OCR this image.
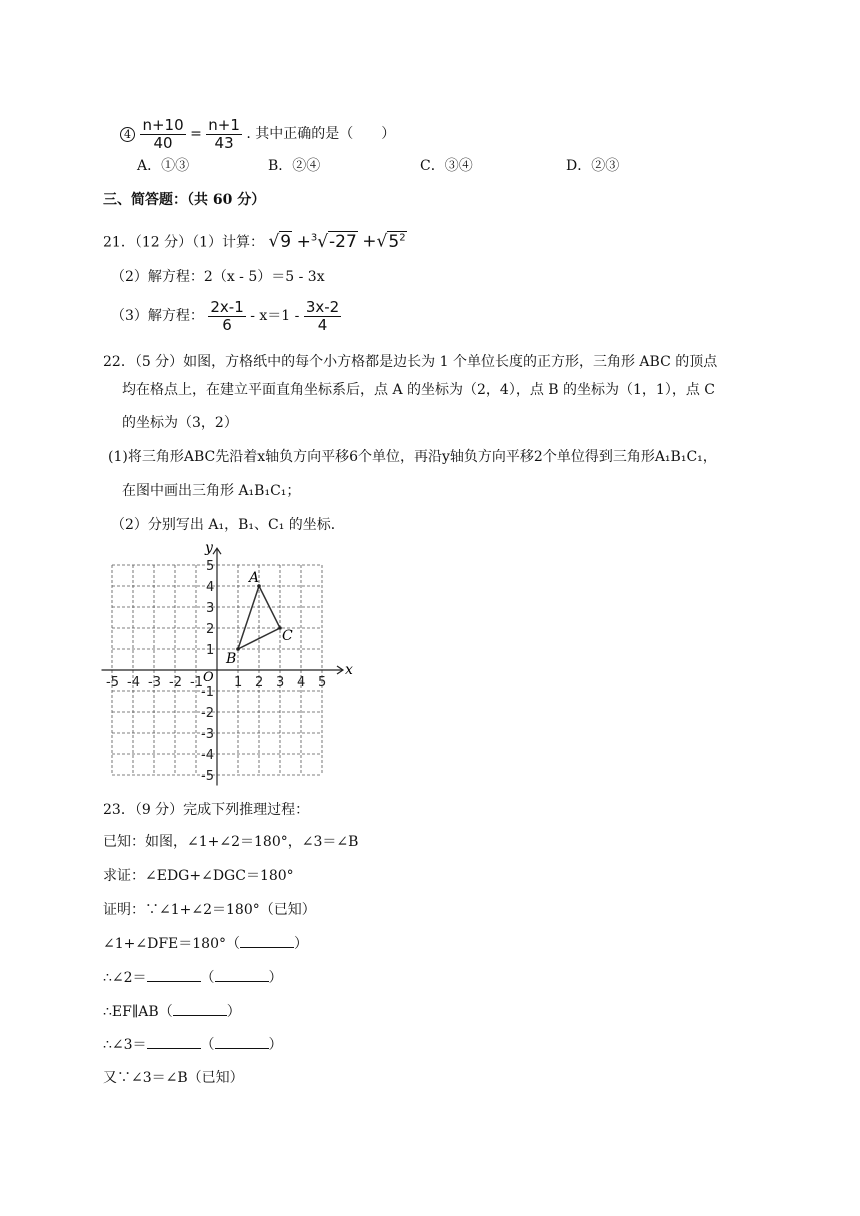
$4 \frac{n+10}{40} = \frac{n+1}{43}$ . 其中正确的是（　　）
A．①③	B．②④	C．③④	D．②③
三、简答题：（共 60 分）
21．（12 分）（1）计算： $√9 +^3√-27 +√5^2$
（2）解方程：2（x - 5）＝5 - 3x
（3）解方程： $\frac{2x-1}{6} - x=1 - \frac{3x-2}{4}$
22．（5 分）如图，方格纸中的每个小方格都是边长为 1 个单位长度的正方形，三角形 ABC 的顶点
均在格点上，在建立平面直角坐标系后，点 A 的坐标为（2，4），点 B 的坐标为（1，1），点 C
的坐标为（3，2）
(1)将三角形ABC先沿着x轴负方向平移6个单位，再沿y轴负方向平移2个单位得到三角形A₁B₁C₁，
在图中画出三角形 A₁B₁C₁；
（2）分别写出 A₁，B₁、C₁ 的坐标．
x
y
O
-5 -4 -3 -2 -1 1 2 3 4 5
5
4
3
2
1
-1
-2
-3
-4
-5
A
B
C
23．（9 分）完成下列推理过程：
已知：如图，∠1+∠2＝180°，∠3＝∠B
求证：∠EDG+∠DGC＝180°
证明：∵∠1+∠2＝180°（已知）
∠1+∠DFE＝180°（	）
∴∠2＝	（	）
∴EF∥AB（	）
∴∠3＝	（	）
又∵∠3＝∠B（已知）
